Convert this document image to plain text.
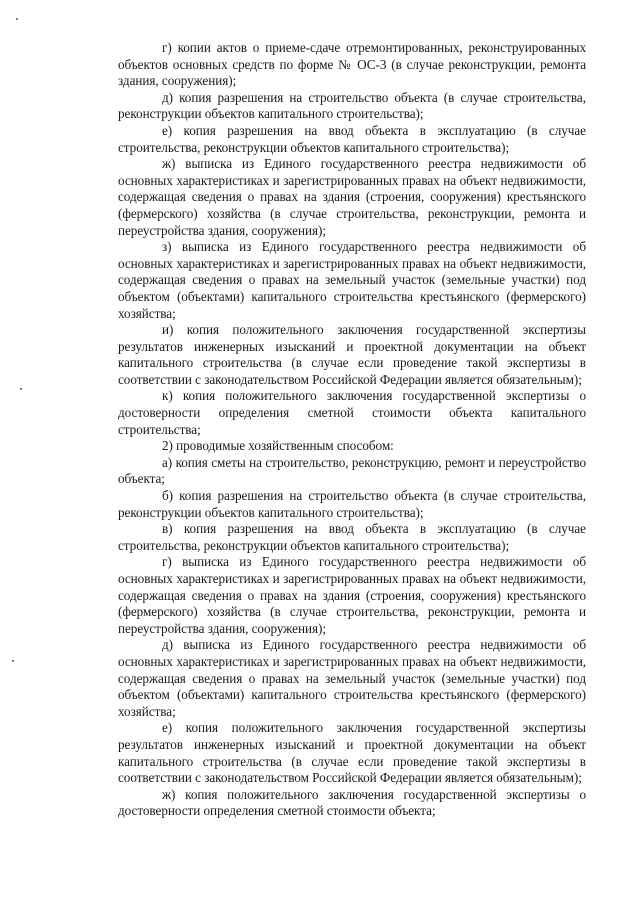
г) копии актов о приеме-сдаче отремонтированных, реконструированных объектов основных средств по форме № ОС-3 (в случае реконструкции, ремонта здания, сооружения);

д) копия разрешения на строительство объекта (в случае строительства, реконструкции объектов капитального строительства);

е) копия разрешения на ввод объекта в эксплуатацию (в случае строительства, реконструкции объектов капитального строительства);

ж) выписка из Единого государственного реестра недвижимости об основных характеристиках и зарегистрированных правах на объект недвижимости, содержащая сведения о правах на здания (строения, сооружения) крестьянского (фермерского) хозяйства (в случае строительства, реконструкции, ремонта и переустройства здания, сооружения);

з) выписка из Единого государственного реестра недвижимости об основных характеристиках и зарегистрированных правах на объект недвижимости, содержащая сведения о правах на земельный участок (земельные участки) под объектом (объектами) капитального строительства крестьянского (фермерского) хозяйства;

и) копия положительного заключения государственной экспертизы результатов инженерных изысканий и проектной документации на объект капитального строительства (в случае если проведение такой экспертизы в соответствии с законодательством Российской Федерации является обязательным);

к) копия положительного заключения государственной экспертизы о достоверности определения сметной стоимости объекта капитального строительства;

2) проводимые хозяйственным способом:

а) копия сметы на строительство, реконструкцию, ремонт и переустройство объекта;

б) копия разрешения на строительство объекта (в случае строительства, реконструкции объектов капитального строительства);

в) копия разрешения на ввод объекта в эксплуатацию (в случае строительства, реконструкции объектов капитального строительства);

г) выписка из Единого государственного реестра недвижимости об основных характеристиках и зарегистрированных правах на объект недвижимости, содержащая сведения о правах на здания (строения, сооружения) крестьянского (фермерского) хозяйства (в случае строительства, реконструкции, ремонта и переустройства здания, сооружения);

д) выписка из Единого государственного реестра недвижимости об основных характеристиках и зарегистрированных правах на объект недвижимости, содержащая сведения о правах на земельный участок (земельные участки) под объектом (объектами) капитального строительства крестьянского (фермерского) хозяйства;

е) копия положительного заключения государственной экспертизы результатов инженерных изысканий и проектной документации на объект капитального строительства (в случае если проведение такой экспертизы в соответствии с законодательством Российской Федерации является обязательным);

ж) копия положительного заключения государственной экспертизы о достоверности определения сметной стоимости объекта;
